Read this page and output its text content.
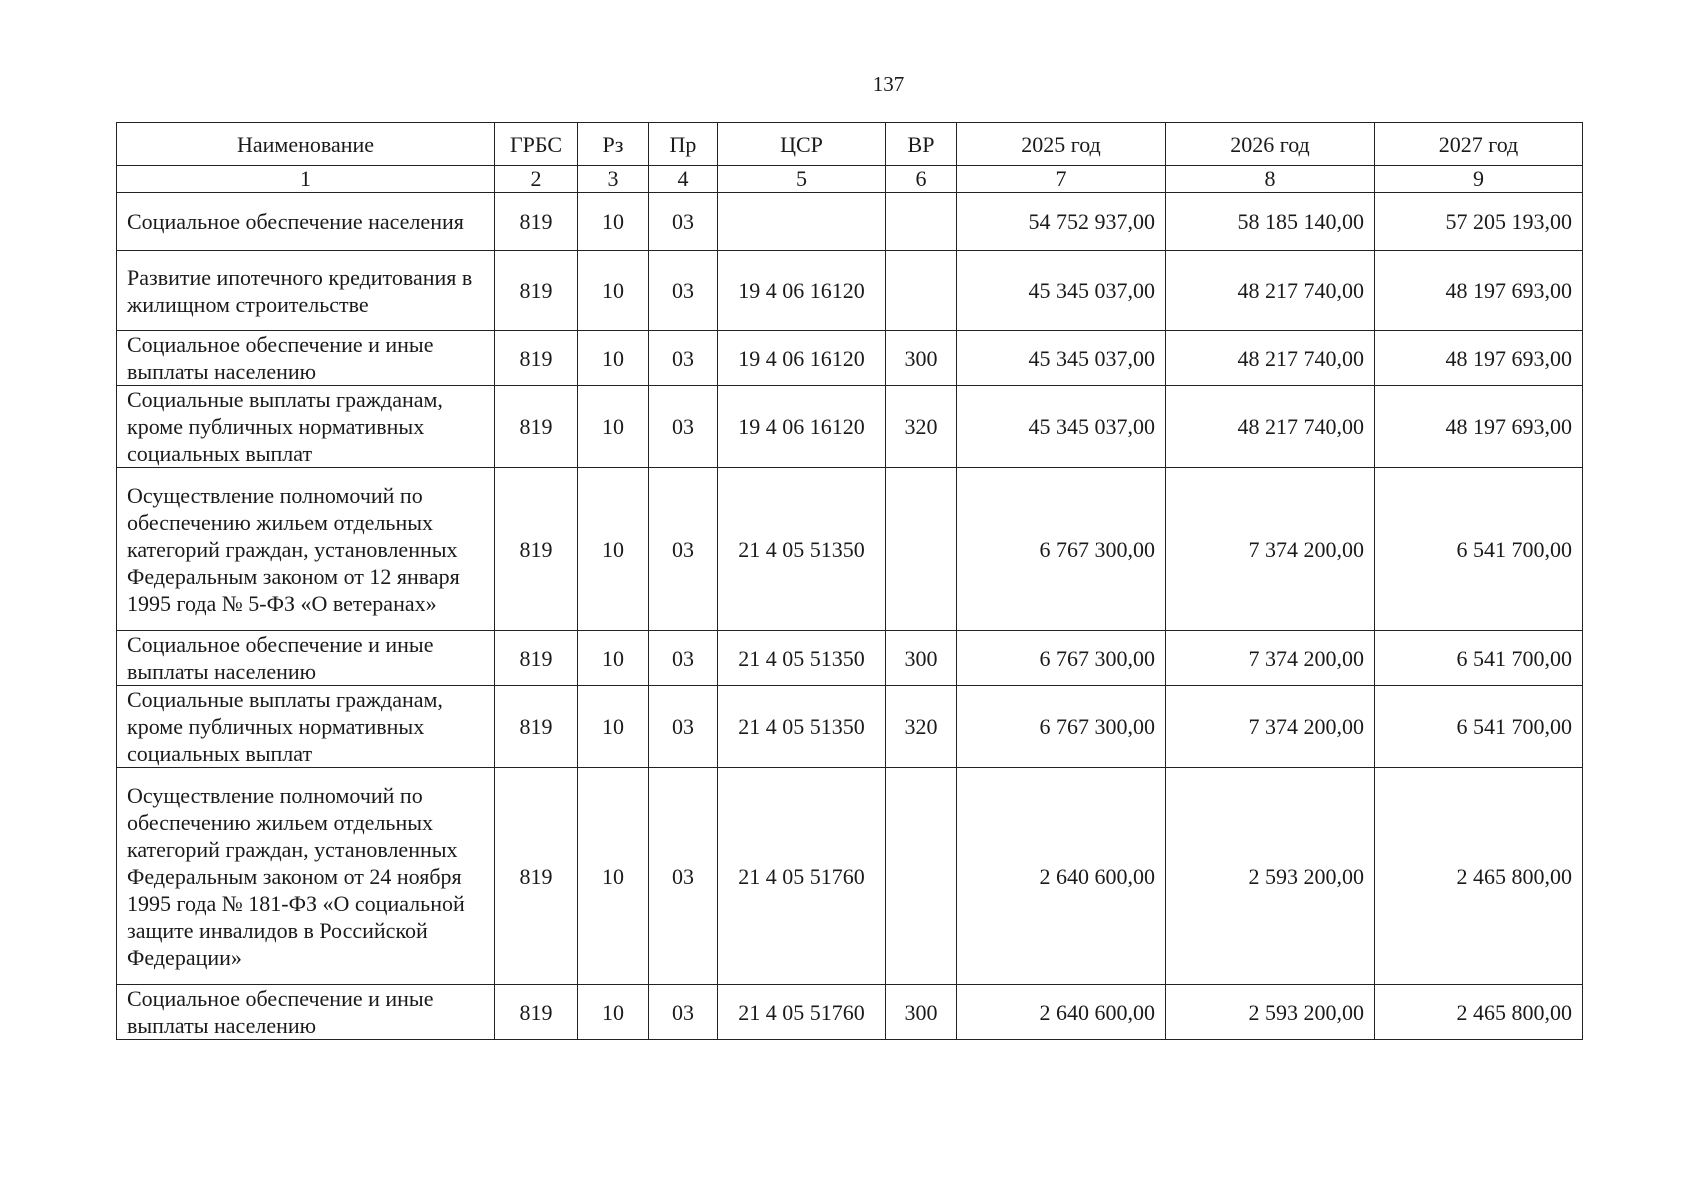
137
Наименование	ГРБС	Рз	Пр	ЦСР	ВР	2025 год	2026 год	2027 год
1	2	3	4	5	6	7	8	9
Социальное обеспечение населения	819	10	03			54 752 937,00	58 185 140,00	57 205 193,00
Развитие ипотечного кредитования в жилищном строительстве	819	10	03	19 4 06 16120		45 345 037,00	48 217 740,00	48 197 693,00
Социальное обеспечение и иные выплаты населению	819	10	03	19 4 06 16120	300	45 345 037,00	48 217 740,00	48 197 693,00
Социальные выплаты гражданам, кроме публичных нормативных социальных выплат	819	10	03	19 4 06 16120	320	45 345 037,00	48 217 740,00	48 197 693,00
Осуществление полномочий по обеспечению жильем отдельных категорий граждан, установленных Федеральным законом от 12 января 1995 года № 5-ФЗ «О ветеранах»	819	10	03	21 4 05 51350		6 767 300,00	7 374 200,00	6 541 700,00
Социальное обеспечение и иные выплаты населению	819	10	03	21 4 05 51350	300	6 767 300,00	7 374 200,00	6 541 700,00
Социальные выплаты гражданам, кроме публичных нормативных социальных выплат	819	10	03	21 4 05 51350	320	6 767 300,00	7 374 200,00	6 541 700,00
Осуществление полномочий по обеспечению жильем отдельных категорий граждан, установленных Федеральным законом от 24 ноября 1995 года № 181-ФЗ «О социальной защите инвалидов в Российской Федерации»	819	10	03	21 4 05 51760		2 640 600,00	2 593 200,00	2 465 800,00
Социальное обеспечение и иные выплаты населению	819	10	03	21 4 05 51760	300	2 640 600,00	2 593 200,00	2 465 800,00
